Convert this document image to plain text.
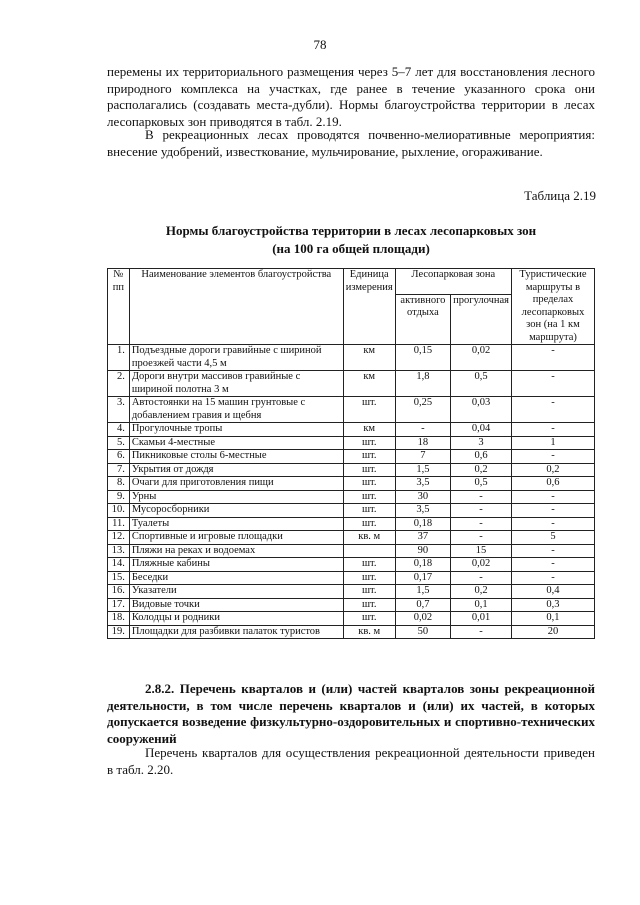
78

перемены их территориального размещения через 5–7 лет для восстановления лесного природного комплекса на участках, где ранее в течение указанного срока они располагались (создавать места-дубли). Нормы благоустройства территории в лесах лесопарковых зон приводятся в табл. 2.19.

В рекреационных лесах проводятся почвенно-мелиоративные мероприятия: внесение удобрений, известкование, мульчирование, рыхление, огораживание.

Таблица 2.19
Нормы благоустройства территории в лесах лесопарковых зон
(на 100 га общей площади)
№ пп	Наименование элементов благоустройства	Единица измерения	Лесопарковая зона		Туристические маршруты в пределах лесопарковых зон (на 1 км маршрута)
			активного отдыха	прогулочная	
1.	Подъездные дороги гравийные с шириной проезжей части 4,5 м	км	0,15	0,02	-
2.	Дороги внутри массивов гравийные с шириной полотна 3 м	км	1,8	0,5	-
3.	Автостоянки на 15 машин грунтовые с добавлением гравия и щебня	шт.	0,25	0,03	-
4.	Прогулочные тропы	км	-	0,04	-
5.	Скамьи 4-местные	шт.	18	3	1
6.	Пикниковые столы 6-местные	шт.	7	0,6	-
7.	Укрытия от дождя	шт.	1,5	0,2	0,2
8.	Очаги для приготовления пищи	шт.	3,5	0,5	0,6
9.	Урны	шт.	30	-	-
10.	Мусоросборники	шт.	3,5	-	-
11.	Туалеты	шт.	0,18	-	-
12.	Спортивные и игровые площадки	кв. м	37	-	5
13.	Пляжи на реках и водоемах		90	15	-
14.	Пляжные кабины	шт.	0,18	0,02	-
15.	Беседки	шт.	0,17	-	-
16.	Указатели	шт.	1,5	0,2	0,4
17.	Видовые точки	шт.	0,7	0,1	0,3
18.	Колодцы и родники	шт.	0,02	0,01	0,1
19.	Площадки для разбивки палаток туристов	кв. м	50	-	20

2.8.2. Перечень кварталов и (или) частей кварталов зоны рекреационной деятельности, в том числе перечень кварталов и (или) их частей, в которых допускается возведение физкультурно-оздоровительных и спортивно-технических сооружений

Перечень кварталов для осуществления рекреационной деятельности приведен в табл. 2.20.
